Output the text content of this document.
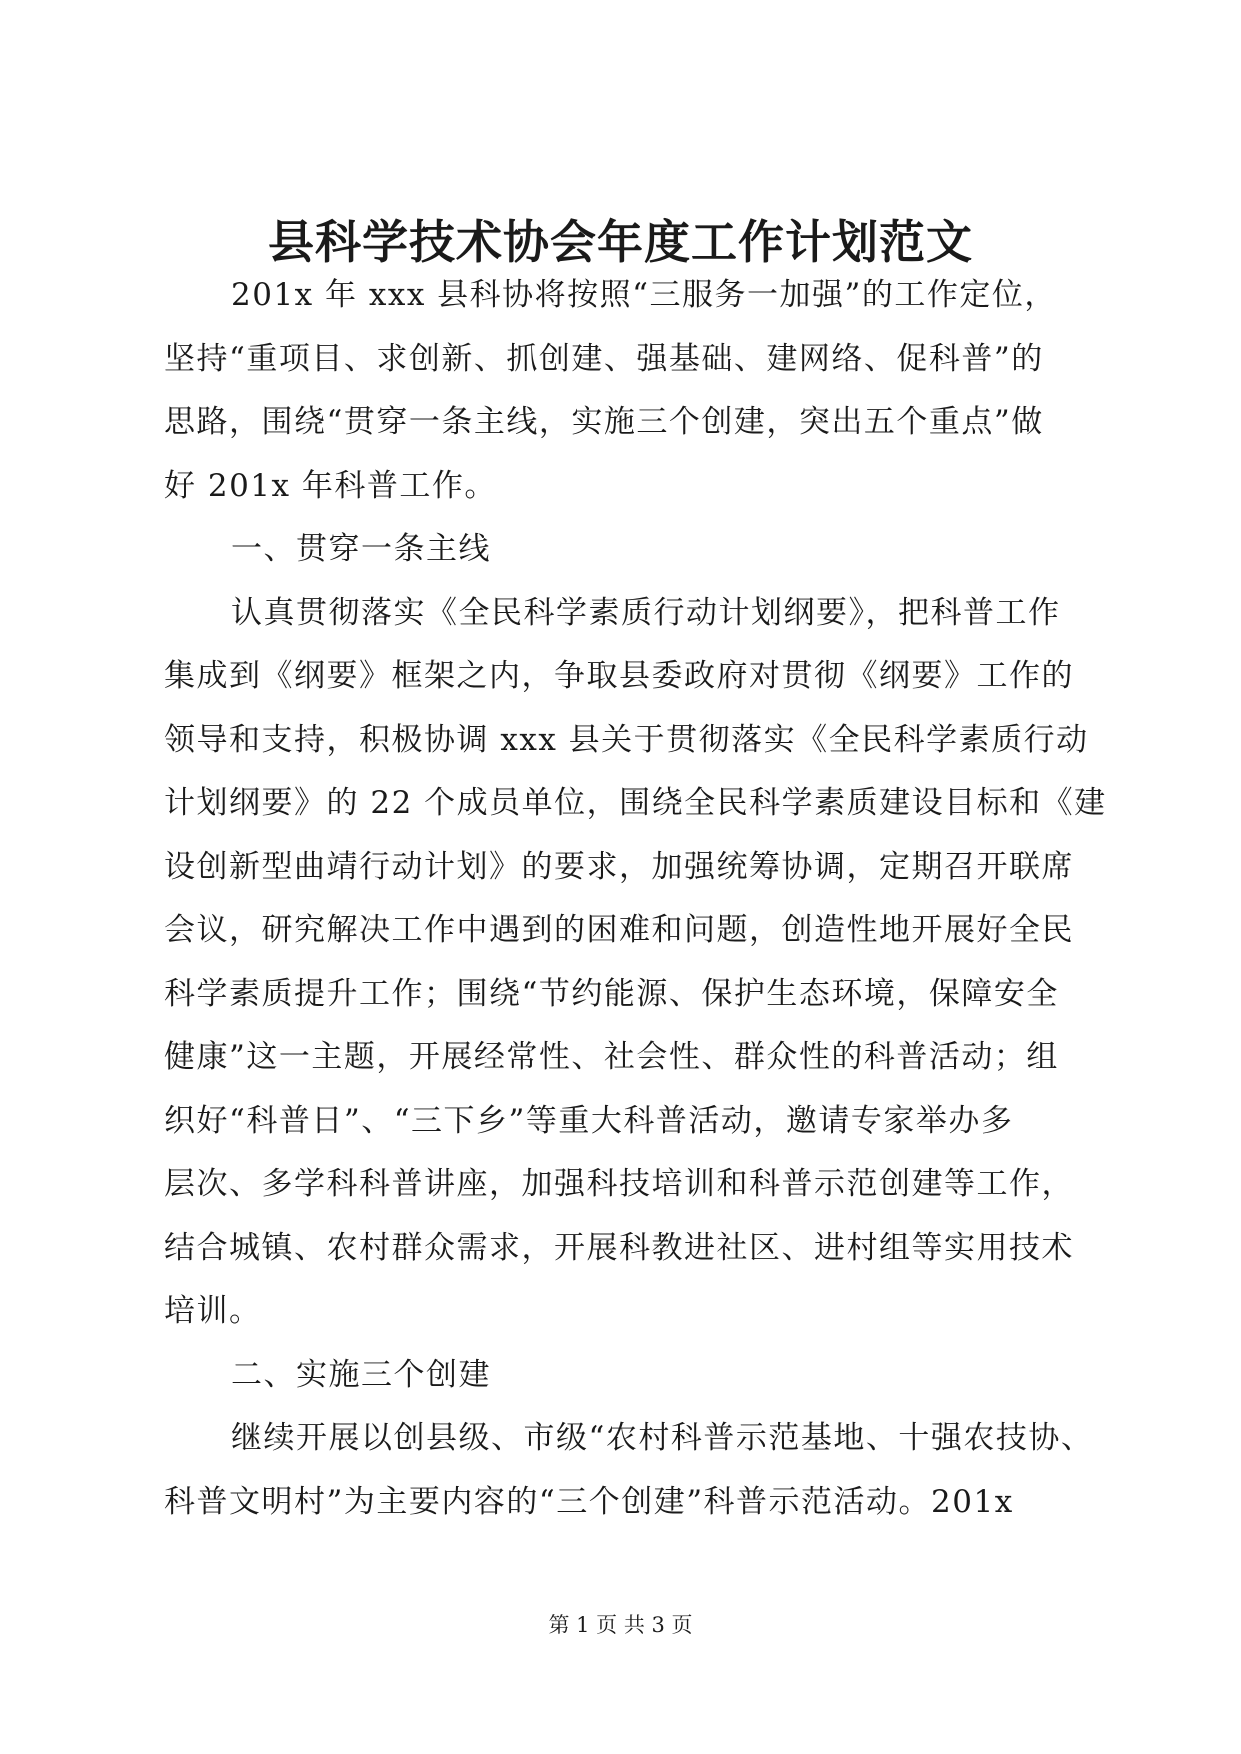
县科学技术协会年度工作计划范文
201x 年 xxx 县科协将按照“三服务一加强”的工作定位，
坚持“重项目、求创新、抓创建、强基础、建网络、促科普”的
思路，围绕“贯穿一条主线，实施三个创建，突出五个重点”做
好 201x 年科普工作。
一、贯穿一条主线
认真贯彻落实《全民科学素质行动计划纲要》，把科普工作
集成到《纲要》框架之内，争取县委政府对贯彻《纲要》工作的
领导和支持，积极协调 xxx 县关于贯彻落实《全民科学素质行动
计划纲要》的 22 个成员单位，围绕全民科学素质建设目标和《建
设创新型曲靖行动计划》的要求，加强统筹协调，定期召开联席
会议，研究解决工作中遇到的困难和问题，创造性地开展好全民
科学素质提升工作；围绕“节约能源、保护生态环境，保障安全
健康”这一主题，开展经常性、社会性、群众性的科普活动；组
织好“科普日”、“三下乡”等重大科普活动，邀请专家举办多
层次、多学科科普讲座，加强科技培训和科普示范创建等工作，
结合城镇、农村群众需求，开展科教进社区、进村组等实用技术
培训。
二、实施三个创建
继续开展以创县级、市级“农村科普示范基地、十强农技协、
科普文明村”为主要内容的“三个创建”科普示范活动。201x
第 1 页 共 3 页
